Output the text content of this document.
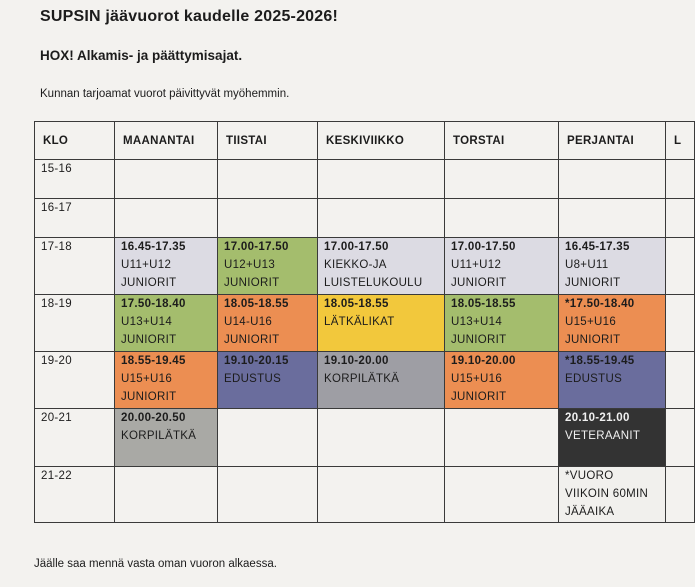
SUPSIN jäävuorot kaudelle 2025-2026!
HOX! Alkamis- ja päättymisajat.
Kunnan tarjoamat vuorot päivittyvät myöhemmin.
KLO	MAANANTAI	TIISTAI	KESKIVIIKKO	TORSTAI	PERJANTAI	L
15-16						
16-17						
17-18	16.45-17.35
U11+U12
JUNIORIT	17.00-17.50
U12+U13
JUNIORIT	17.00-17.50
KIEKKO-JA
LUISTELUKOULU	17.00-17.50
U11+U12
JUNIORIT	16.45-17.35
U8+U11
JUNIORIT	

18-19	17.50-18.40
U13+U14
JUNIORIT	18.05-18.55
U14-U16
JUNIORIT	18.05-18.55
LÄTKÄLIKAT	18.05-18.55
U13+U14
JUNIORIT	*17.50-18.40
U15+U16
JUNIORIT	

19-20	18.55-19.45
U15+U16
JUNIORIT	19.10-20.15
EDUSTUS	19.10-20.00
KORPILÄTKÄ	19.10-20.00
U15+U16
JUNIORIT	*18.55-19.45
EDUSTUS	

20-21	20.00-20.50
KORPILÄTKÄ				20.10-21.00
VETERAANIT	

21-22					*VUORO
VIIKOIN 60MIN
JÄÄAIKA	

Jäälle saa mennä vasta oman vuoron alkaessa.
